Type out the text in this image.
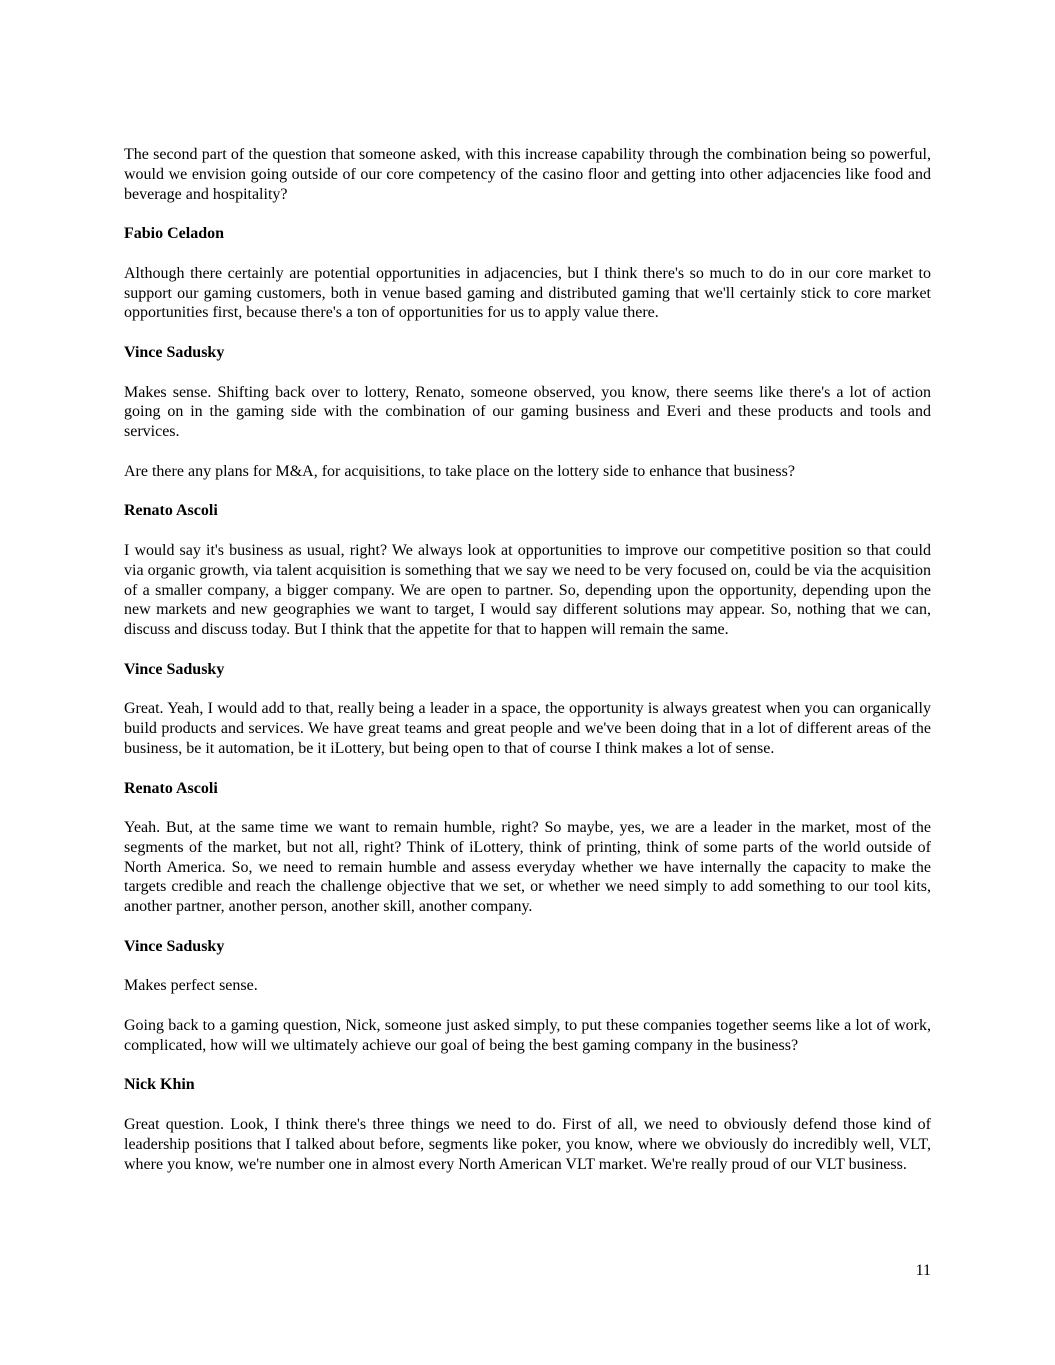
The second part of the question that someone asked, with this increase capability through the combination being so powerful, would we envision going outside of our core competency of the casino floor and getting into other adjacencies like food and beverage and hospitality?

Fabio Celadon

Although there certainly are potential opportunities in adjacencies, but I think there's so much to do in our core market to support our gaming customers, both in venue based gaming and distributed gaming that we'll certainly stick to core market opportunities first, because there's a ton of opportunities for us to apply value there.

Vince Sadusky

Makes sense. Shifting back over to lottery, Renato, someone observed, you know, there seems like there's a lot of action going on in the gaming side with the combination of our gaming business and Everi and these products and tools and services.

Are there any plans for M&A, for acquisitions, to take place on the lottery side to enhance that business?

Renato Ascoli

I would say it's business as usual, right? We always look at opportunities to improve our competitive position so that could via organic growth, via talent acquisition is something that we say we need to be very focused on, could be via the acquisition of a smaller company, a bigger company. We are open to partner. So, depending upon the opportunity, depending upon the new markets and new geographies we want to target, I would say different solutions may appear. So, nothing that we can, discuss and discuss today. But I think that the appetite for that to happen will remain the same.

Vince Sadusky

Great. Yeah, I would add to that, really being a leader in a space, the opportunity is always greatest when you can organically build products and services. We have great teams and great people and we've been doing that in a lot of different areas of the business, be it automation, be it iLottery, but being open to that of course I think makes a lot of sense.

Renato Ascoli

Yeah. But, at the same time we want to remain humble, right? So maybe, yes, we are a leader in the market, most of the segments of the market, but not all, right? Think of iLottery, think of printing, think of some parts of the world outside of North America. So, we need to remain humble and assess everyday whether we have internally the capacity to make the targets credible and reach the challenge objective that we set, or whether we need simply to add something to our tool kits, another partner, another person, another skill, another company.

Vince Sadusky

Makes perfect sense.

Going back to a gaming question, Nick, someone just asked simply, to put these companies together seems like a lot of work, complicated, how will we ultimately achieve our goal of being the best gaming company in the business?

Nick Khin

Great question. Look, I think there's three things we need to do. First of all, we need to obviously defend those kind of leadership positions that I talked about before, segments like poker, you know, where we obviously do incredibly well, VLT, where you know, we're number one in almost every North American VLT market. We're really proud of our VLT business.

11
